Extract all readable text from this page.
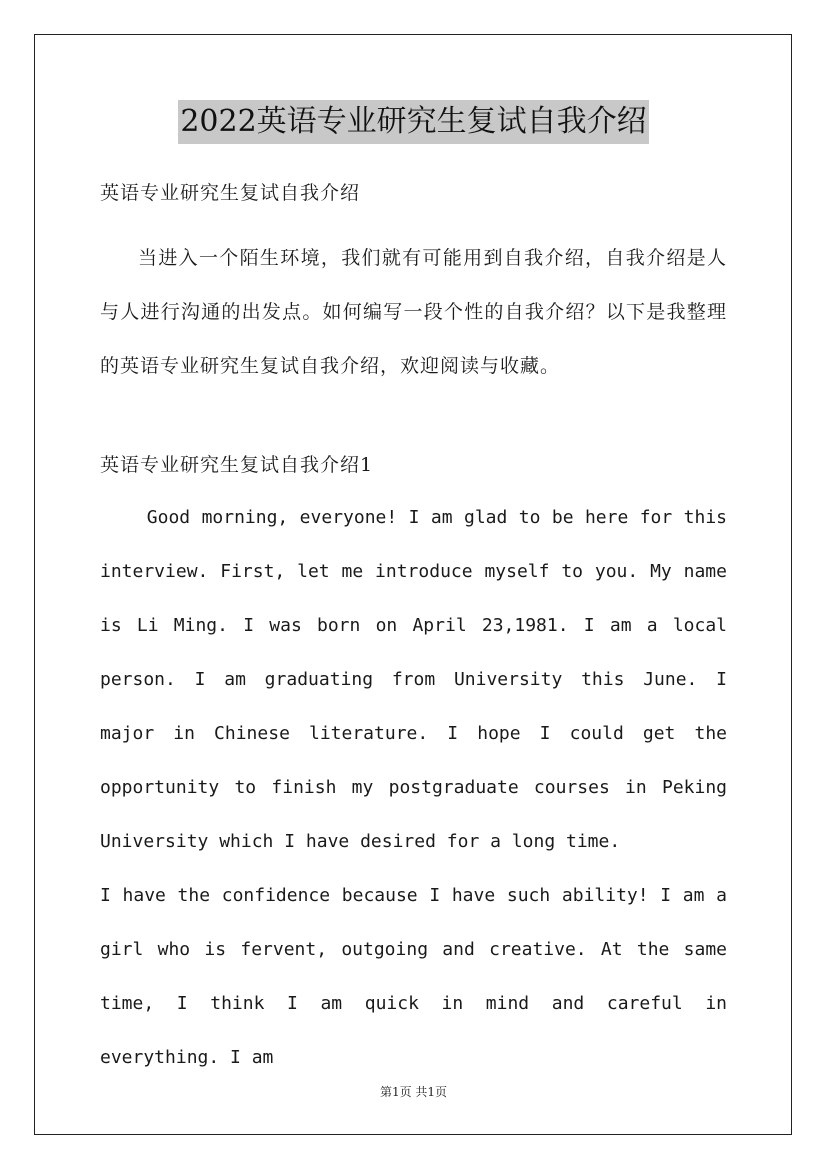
2022英语专业研究生复试自我介绍
英语专业研究生复试自我介绍
当进入一个陌生环境，我们就有可能用到自我介绍，自我介绍是人与人进行沟通的出发点。如何编写一段个性的自我介绍？以下是我整理的英语专业研究生复试自我介绍，欢迎阅读与收藏。
英语专业研究生复试自我介绍1

Good morning, everyone! I am glad to be here for this interview. First, let me introduce myself to you. My name is Li Ming. I was born on April 23,1981. I am a local person. I am graduating from University this June. I major in Chinese literature. I hope I could get the opportunity to finish my postgraduate courses in Peking University which I have desired for a long time.

I have the confidence because I have such ability! I am a girl who is fervent, outgoing and creative. At the same time, I think I am quick in mind and careful in everything. I am

第1页 共1页
